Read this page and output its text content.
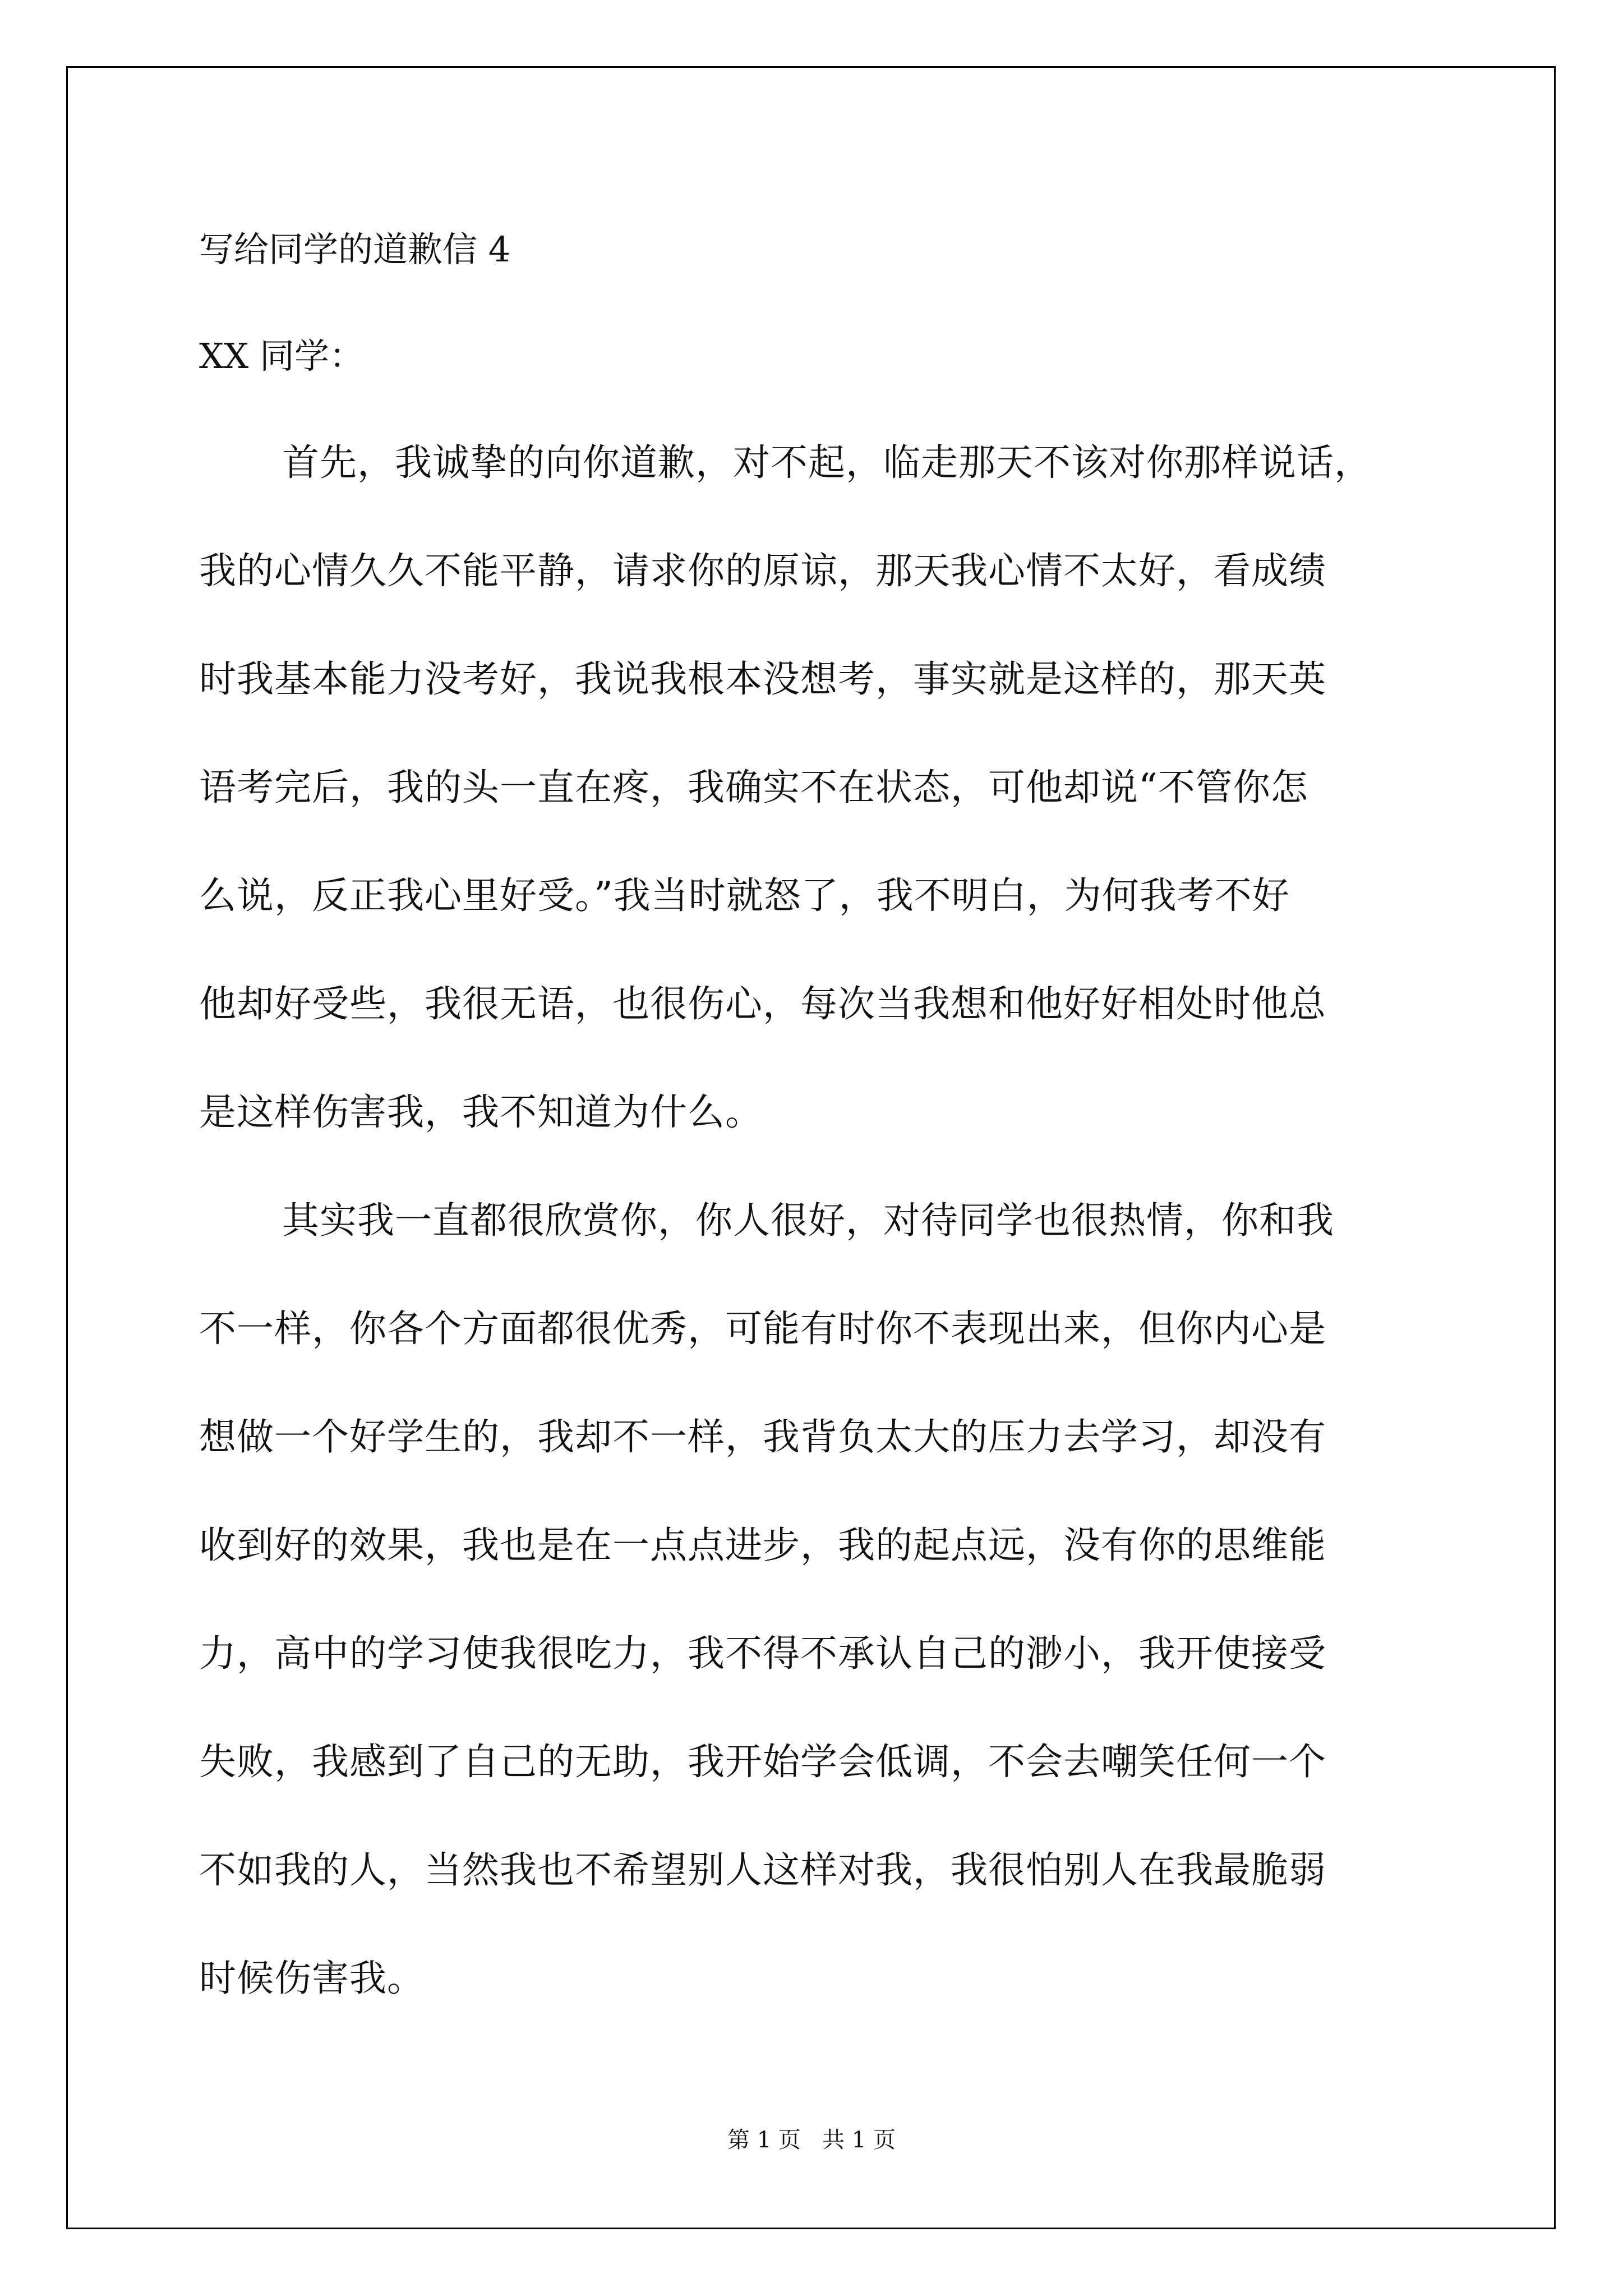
写给同学的道歉信 4
XX 同学：
首先，我诚挚的向你道歉，对不起，临走那天不该对你那样说话，
我的心情久久不能平静，请求你的原谅，那天我心情不太好，看成绩
时我基本能力没考好，我说我根本没想考，事实就是这样的，那天英
语考完后，我的头一直在疼，我确实不在状态，可他却说“不管你怎
么说，反正我心里好受。”我当时就怒了，我不明白，为何我考不好
他却好受些，我很无语，也很伤心，每次当我想和他好好相处时他总
是这样伤害我，我不知道为什么。
其实我一直都很欣赏你，你人很好，对待同学也很热情，你和我
不一样，你各个方面都很优秀，可能有时你不表现出来，但你内心是
想做一个好学生的，我却不一样，我背负太大的压力去学习，却没有
收到好的效果，我也是在一点点进步，我的起点远，没有你的思维能
力，高中的学习使我很吃力，我不得不承认自己的渺小，我开使接受
失败，我感到了自己的无助，我开始学会低调，不会去嘲笑任何一个
不如我的人，当然我也不希望别人这样对我，我很怕别人在我最脆弱
时候伤害我。
第 1 页   共 1 页
